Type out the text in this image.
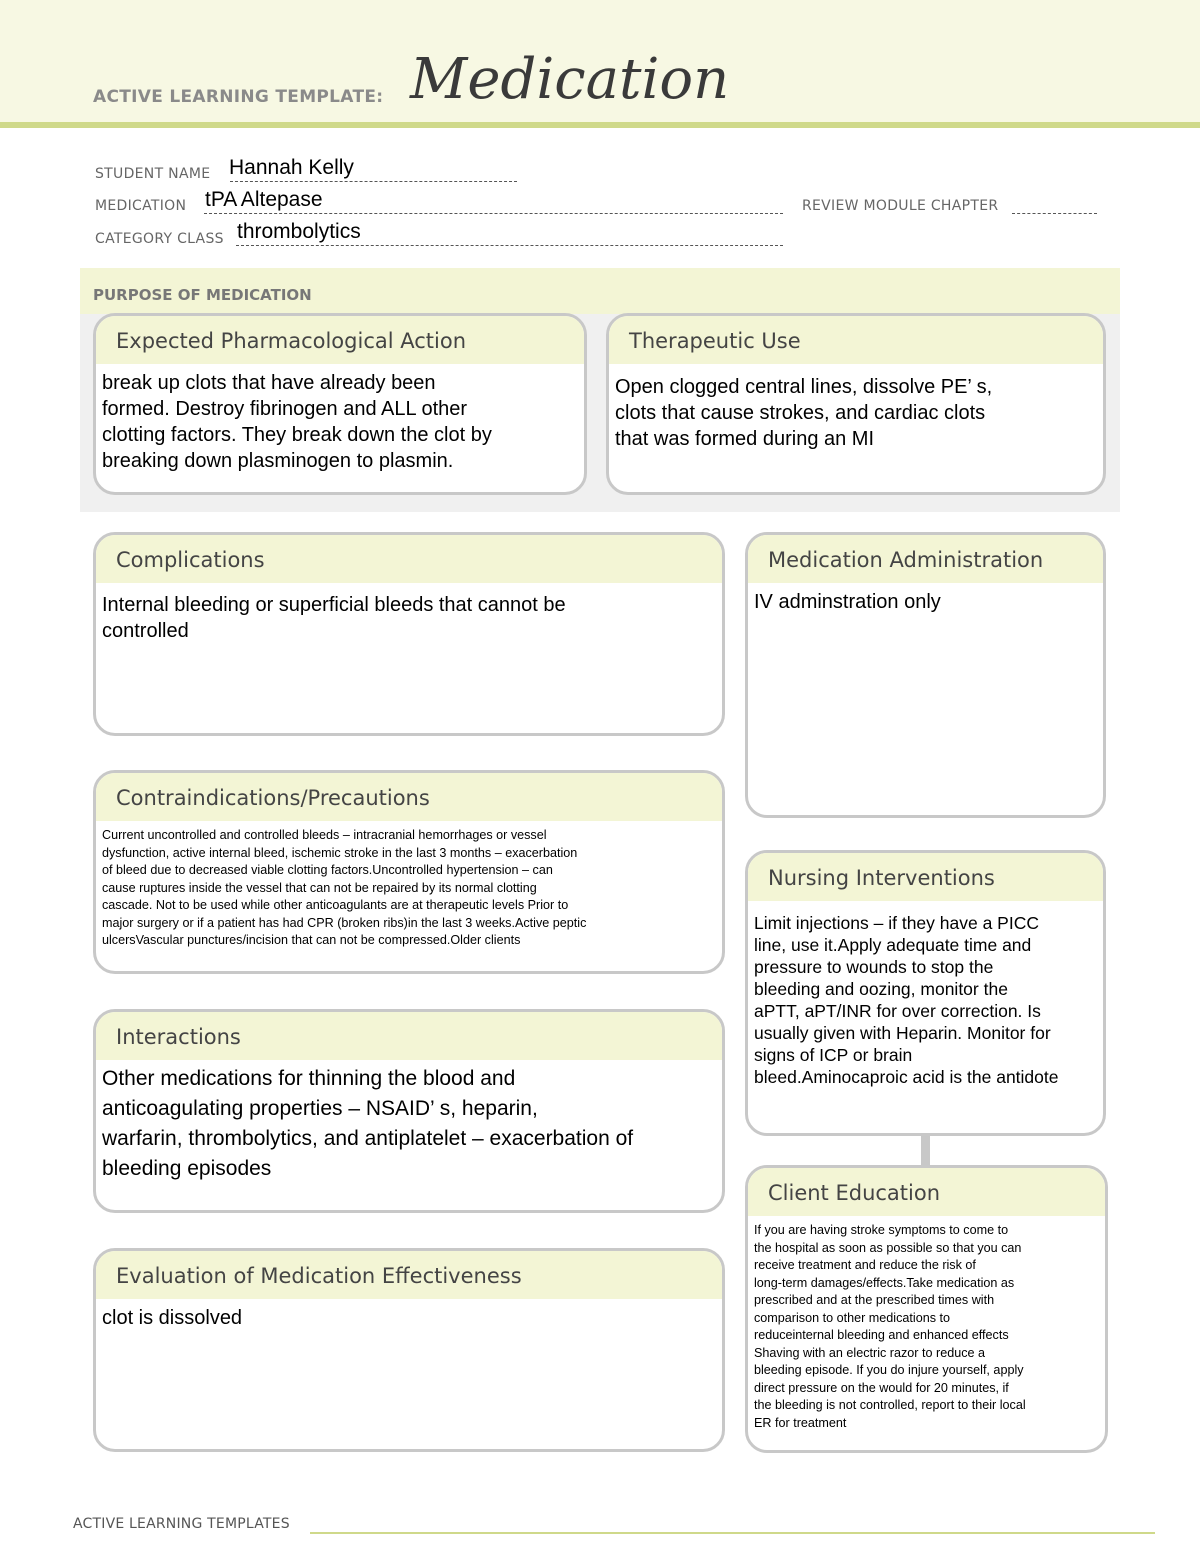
ACTIVE LEARNING TEMPLATE: Medication
STUDENT NAME Hannah Kelly
MEDICATION tPA Altepase	REVIEW MODULE CHAPTER
CATEGORY CLASS thrombolytics
PURPOSE OF MEDICATION
Expected Pharmacological Action
break up clots that have already been
formed. Destroy fibrinogen and ALL other
clotting factors. They break down the clot by
breaking down plasminogen to plasmin.
Therapeutic Use
Open clogged central lines, dissolve PE’ s,
clots that cause strokes, and cardiac clots
that was formed during an MI
Complications
Internal bleeding or superficial bleeds that cannot be
controlled
Contraindications/Precautions
Current uncontrolled and controlled bleeds – intracranial hemorrhages or vessel
dysfunction, active internal bleed, ischemic stroke in the last 3 months – exacerbation
of bleed due to decreased viable clotting factors.Uncontrolled hypertension – can
cause ruptures inside the vessel that can not be repaired by its normal clotting
cascade. Not to be used while other anticoagulants are at therapeutic levels Prior to
major surgery or if a patient has had CPR (broken ribs)in the last 3 weeks.Active peptic
ulcersVascular punctures/incision that can not be compressed.Older clients
Interactions
Other medications for thinning the blood and
anticoagulating properties – NSAID’ s, heparin,
warfarin, thrombolytics, and antiplatelet – exacerbation of
bleeding episodes
Evaluation of Medication Effectiveness
clot is dissolved
Medication Administration
IV adminstration only
Nursing Interventions
Limit injections – if they have a PICC
line, use it.Apply adequate time and
pressure to wounds to stop the
bleeding and oozing, monitor the
aPTT, aPT/INR for over correction. Is
usually given with Heparin. Monitor for
signs of ICP or brain
bleed.Aminocaproic acid is the antidote
Client Education
If you are having stroke symptoms to come to
the hospital as soon as possible so that you can
receive treatment and reduce the risk of
long-term damages/effects.Take medication as
prescribed and at the prescribed times with
comparison to other medications to
reduceinternal bleeding and enhanced effects
Shaving with an electric razor to reduce a
bleeding episode. If you do injure yourself, apply
direct pressure on the would for 20 minutes, if
the bleeding is not controlled, report to their local
ER for treatment
ACTIVE LEARNING TEMPLATES
